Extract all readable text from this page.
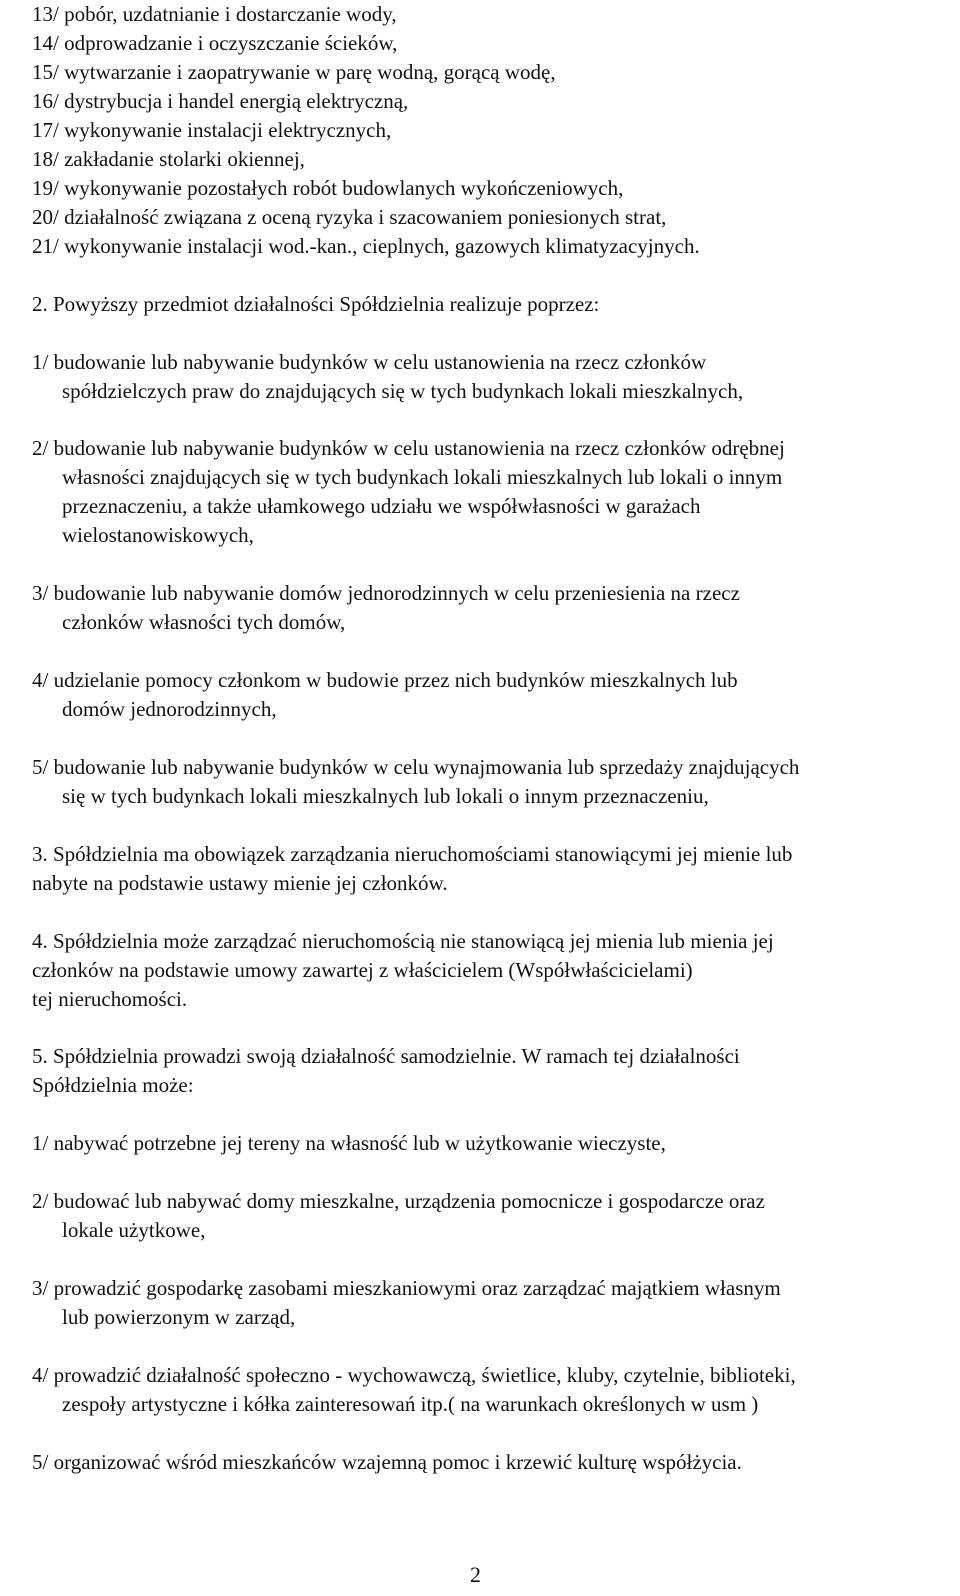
13/ pobór, uzdatnianie i dostarczanie wody,
14/ odprowadzanie i oczyszczanie ścieków,
15/ wytwarzanie i zaopatrywanie w parę wodną, gorącą wodę,
16/ dystrybucja i handel energią elektryczną,
17/ wykonywanie instalacji elektrycznych,
18/ zakładanie stolarki okiennej,
19/ wykonywanie pozostałych robót budowlanych wykończeniowych,
20/ działalność związana z oceną ryzyka i szacowaniem poniesionych strat,
21/ wykonywanie instalacji wod.-kan., cieplnych, gazowych klimatyzacyjnych.
2. Powyższy przedmiot działalności Spółdzielnia realizuje poprzez:
1/ budowanie lub nabywanie budynków w celu ustanowienia na rzecz członków
spółdzielczych praw do znajdujących się w tych budynkach lokali mieszkalnych,
2/ budowanie lub nabywanie budynków w celu ustanowienia na rzecz członków odrębnej
własności znajdujących się w tych budynkach lokali mieszkalnych lub lokali o innym
przeznaczeniu, a także ułamkowego udziału we współwłasności w garażach
wielostanowiskowych,
3/ budowanie lub nabywanie domów jednorodzinnych w celu przeniesienia na rzecz
członków własności tych domów,
4/ udzielanie pomocy członkom w budowie przez nich budynków mieszkalnych lub
domów jednorodzinnych,
5/ budowanie lub nabywanie budynków w celu wynajmowania lub sprzedaży znajdujących
się w tych budynkach lokali mieszkalnych lub lokali o innym przeznaczeniu,
3. Spółdzielnia ma obowiązek zarządzania nieruchomościami stanowiącymi jej mienie lub
nabyte na podstawie ustawy mienie jej członków.
4. Spółdzielnia może zarządzać nieruchomością nie stanowiącą jej mienia lub mienia jej
członków na podstawie umowy zawartej z właścicielem (Współwłaścicielami)
tej nieruchomości.
5. Spółdzielnia prowadzi swoją działalność samodzielnie. W ramach tej działalności
Spółdzielnia może:
1/ nabywać potrzebne jej tereny na własność lub w użytkowanie wieczyste,
2/ budować lub nabywać domy mieszkalne, urządzenia pomocnicze i gospodarcze oraz
lokale użytkowe,
3/ prowadzić gospodarkę zasobami mieszkaniowymi oraz zarządzać majątkiem własnym
lub powierzonym w zarząd,
4/ prowadzić działalność społeczno - wychowawczą, świetlice, kluby, czytelnie, biblioteki,
zespoły artystyczne i kółka zainteresowań itp.( na warunkach określonych w usm )
5/ organizować wśród mieszkańców wzajemną pomoc i krzewić kulturę współżycia.
2
